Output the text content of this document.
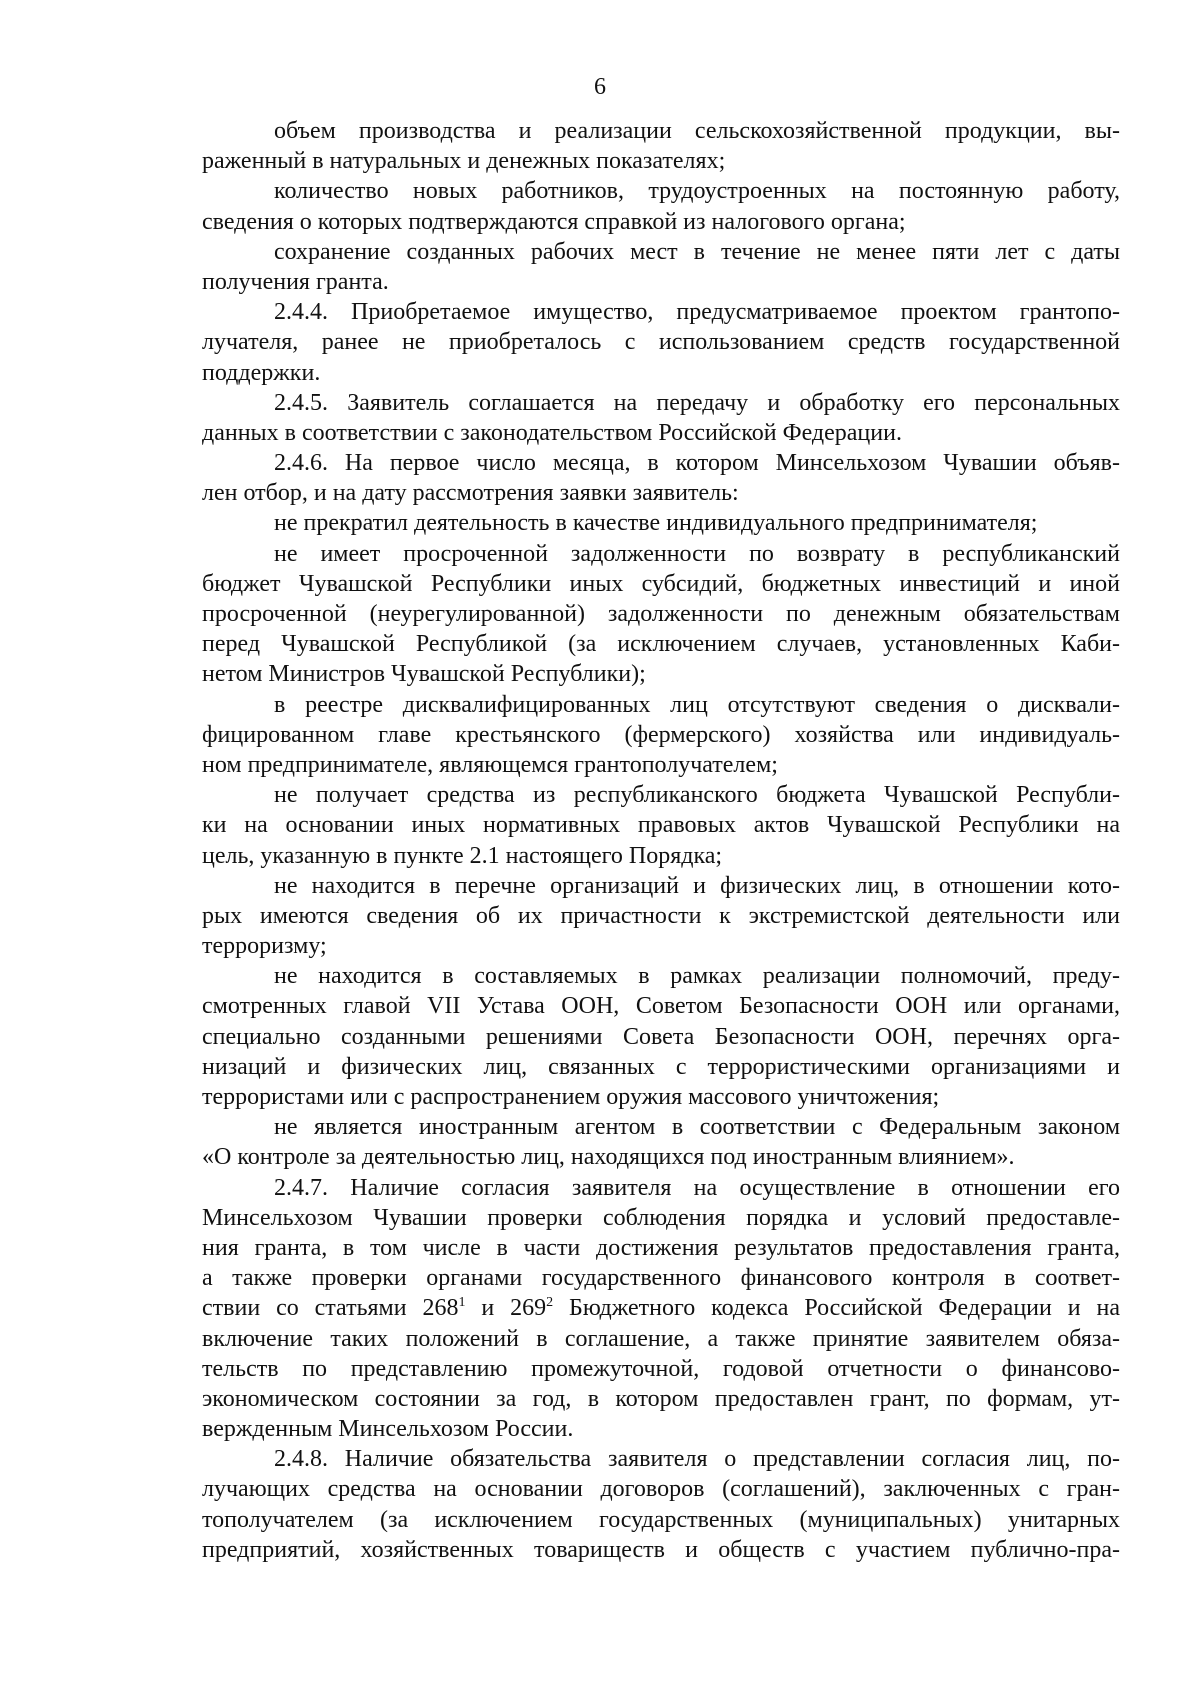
6
объем производства и реализации сельскохозяйственной продукции, вы-
раженный в натуральных и денежных показателях;
количество новых работников, трудоустроенных на постоянную работу,
сведения о которых подтверждаются справкой из налогового органа;
сохранение созданных рабочих мест в течение не менее пяти лет с даты
получения гранта.
2.4.4. Приобретаемое имущество, предусматриваемое проектом грантопо-
лучателя, ранее не приобреталось с использованием средств государственной
поддержки.
2.4.5. Заявитель соглашается на передачу и обработку его персональных
данных в соответствии с законодательством Российской Федерации.
2.4.6. На первое число месяца, в котором Минсельхозом Чувашии объяв-
лен отбор, и на дату рассмотрения заявки заявитель:
не прекратил деятельность в качестве индивидуального предпринимателя;
не имеет просроченной задолженности по возврату в республиканский
бюджет Чувашской Республики иных субсидий, бюджетных инвестиций и иной
просроченной (неурегулированной) задолженности по денежным обязательствам
перед Чувашской Республикой (за исключением случаев, установленных Каби-
нетом Министров Чувашской Республики);
в реестре дисквалифицированных лиц отсутствуют сведения о дисквали-
фицированном главе крестьянского (фермерского) хозяйства или индивидуаль-
ном предпринимателе, являющемся грантополучателем;
не получает средства из республиканского бюджета Чувашской Республи-
ки на основании иных нормативных правовых актов Чувашской Республики на
цель, указанную в пункте 2.1 настоящего Порядка;
не находится в перечне организаций и физических лиц, в отношении кото-
рых имеются сведения об их причастности к экстремистской деятельности или
терроризму;
не находится в составляемых в рамках реализации полномочий, преду-
смотренных главой VII Устава ООН, Советом Безопасности ООН или органами,
специально созданными решениями Совета Безопасности ООН, перечнях орга-
низаций и физических лиц, связанных с террористическими организациями и
террористами или с распространением оружия массового уничтожения;
не является иностранным агентом в соответствии с Федеральным законом
«О контроле за деятельностью лиц, находящихся под иностранным влиянием».
2.4.7. Наличие согласия заявителя на осуществление в отношении его
Минсельхозом Чувашии проверки соблюдения порядка и условий предоставле-
ния гранта, в том числе в части достижения результатов предоставления гранта,
а также проверки органами государственного финансового контроля в соответ-
ствии со статьями $268^1$ и $269^2$ Бюджетного кодекса Российской Федерации и на
включение таких положений в соглашение, а также принятие заявителем обяза-
тельств по представлению промежуточной, годовой отчетности о финансово-
экономическом состоянии за год, в котором предоставлен грант, по формам, ут-
вержденным Минсельхозом России.
2.4.8. Наличие обязательства заявителя о представлении согласия лиц, по-
лучающих средства на основании договоров (соглашений), заключенных с гран-
тополучателем (за исключением государственных (муниципальных) унитарных
предприятий, хозяйственных товариществ и обществ с участием публично-пра-
